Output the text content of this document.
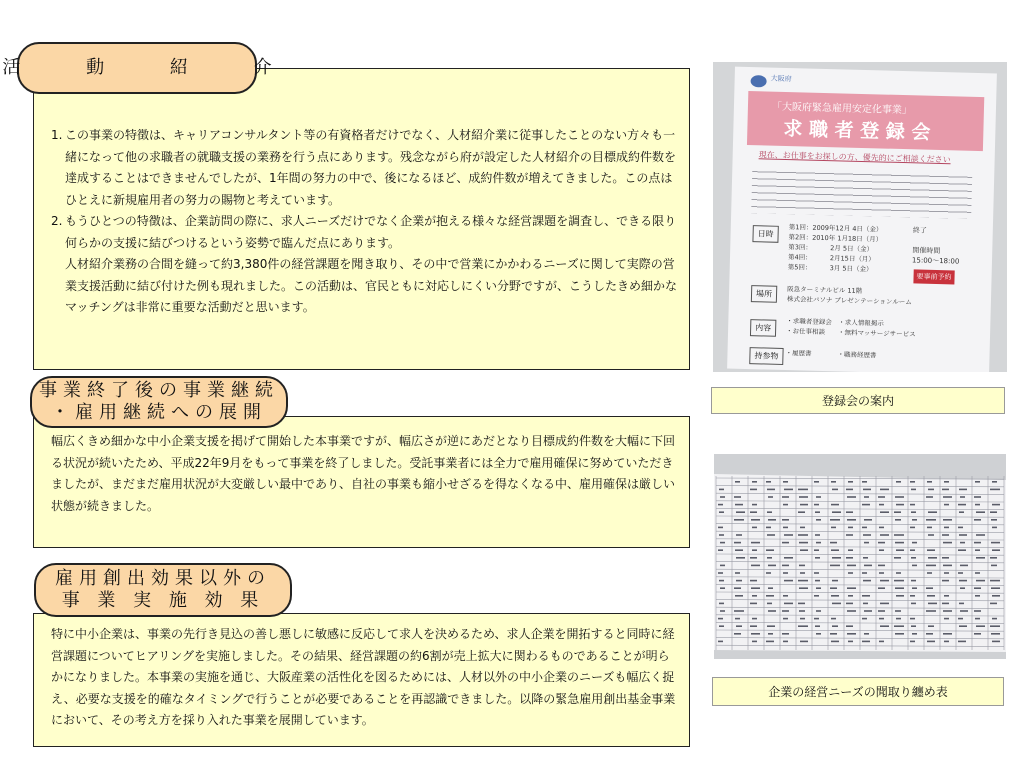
1. この事業の特徴は、キャリアコンサルタント等の有資格者だけでなく、人材紹介業に従事したことのない方々も一緒になって他の求職者の就職支援の業務を行う点にあります。残念ながら府が設定した人材紹介の目標成約件数を達成することはできませんでしたが、1年間の努力の中で、後になるほど、成約件数が増えてきました。この点はひとえに新規雇用者の努力の賜物と考えています。
2. もうひとつの特徴は、企業訪問の際に、求人ニーズだけでなく企業が抱える様々な経営課題を調査し、できる限り何らかの支援に結びつけるという姿勢で臨んだ点にあります。
人材紹介業務の合間を縫って約3,380件の経営課題を聞き取り、その中で営業にかかわるニーズに関して実際の営業支援活動に結び付けた例も現れました。この活動は、官民ともに対応しにくい分野ですが、こうしたきめ細かなマッチングは非常に重要な活動だと思います。
活 動 紹 介
幅広くきめ細かな中小企業支援を掲げて開始した本事業ですが、幅広さが逆にあだとなり目標成約件数を大幅に下回る状況が続いたため、平成22年9月をもって事業を終了しました。受託事業者には全力で雇用確保に努めていただきましたが、まだまだ雇用状況が大変厳しい最中であり、自社の事業も縮小せざるを得なくなる中、雇用確保は厳しい状態が続きました。
事業終了後の事業継続
・雇用継続への展開
特に中小企業は、事業の先行き見込の善し悪しに敏感に反応して求人を決めるため、求人企業を開拓すると同時に経営課題についてヒアリングを実施しました。その結果、経営課題の約6割が売上拡大に関わるものであることが明らかになりました。本事業の実施を通じ、大阪産業の活性化を図るためには、人材以外の中小企業のニーズも幅広く捉え、必要な支援を的確なタイミングで行うことが必要であることを再認識できました。以降の緊急雇用創出基金事業において、その考え方を採り入れた事業を展開しています。
雇用創出効果以外の
事 業 実 施 効 果
大阪府
「大阪府緊急雇用安定化事業」
求 職 者 登 録 会
現在、お仕事をお探しの方、優先的にご相談ください
日時
第1回：2009年12月 4日（金）
第2回：2010年 1月18日（月）
第3回：　　　 2月 5日（金）
第4回：　　　 2月15日（月）
第5回：　　　 3月 5日（金）
終了
開催時間
15:00～18:00
要事前予約
場所	阪急ターミナルビル 11階
株式会社パソナ プレゼンテーションルーム
内容
・求職者登録会　・求人情報掲示
・お仕事相談　　・無料マッサージサービス
持参物	・履歴書　　　　・職務経歴書
登録会の案内
企業の経営ニーズの聞取り纏め表
